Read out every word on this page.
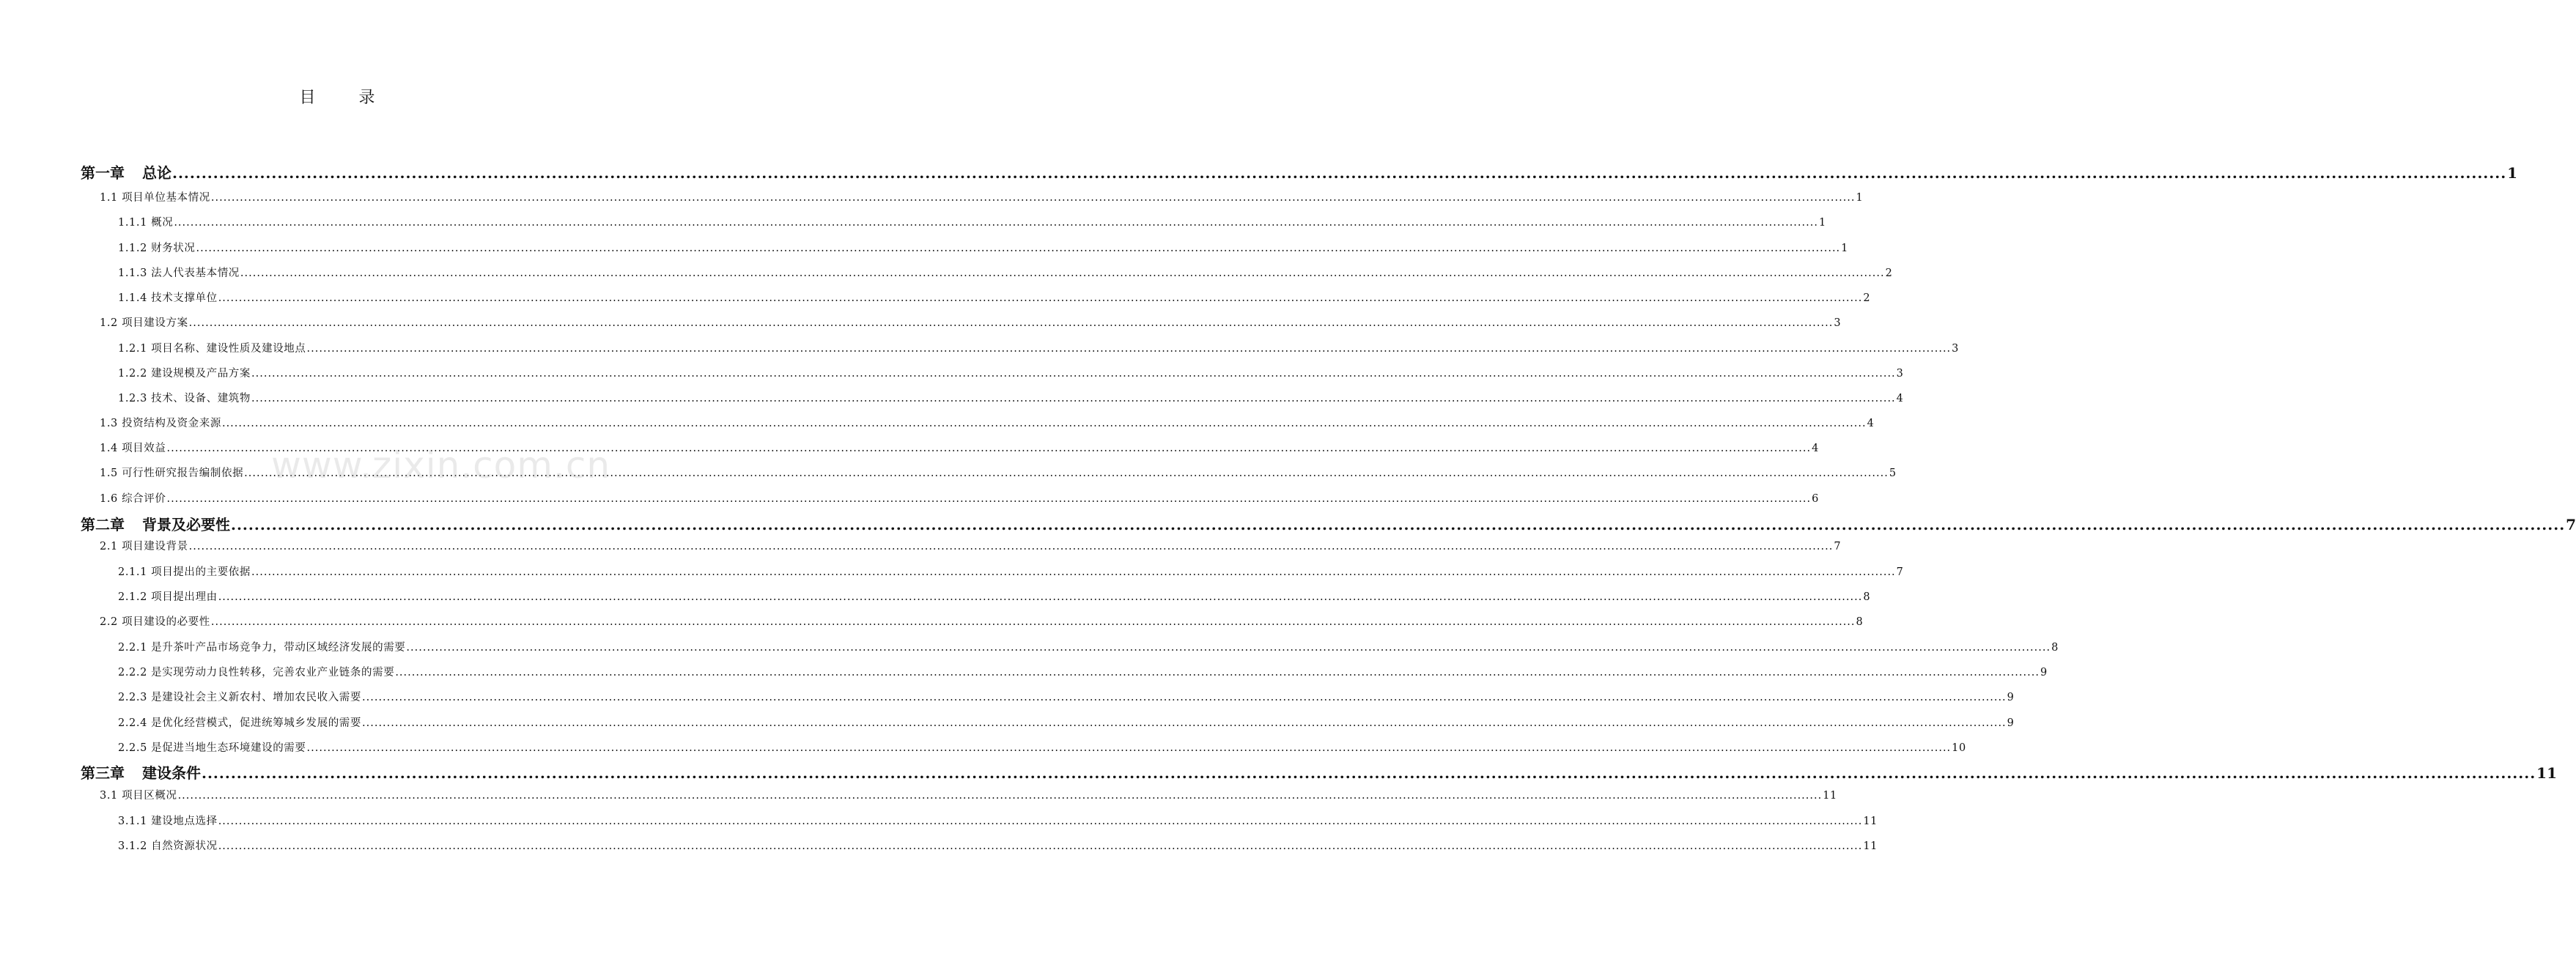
目 录
第一章 总论 ................................................................................................................................................................................................................................................................................................................................................................................................................ 1
1.1 项目单位基本情况 ................................................................................................................................................................................................................................................................................................................................................................................................................ 1
1.1.1 概况 ................................................................................................................................................................................................................................................................................................................................................................................................................ 1
1.1.2 财务状况 ................................................................................................................................................................................................................................................................................................................................................................................................................ 1
1.1.3 法人代表基本情况 ................................................................................................................................................................................................................................................................................................................................................................................................................ 2
1.1.4 技术支撑单位 ................................................................................................................................................................................................................................................................................................................................................................................................................ 2
1.2 项目建设方案 ................................................................................................................................................................................................................................................................................................................................................................................................................ 3
1.2.1 项目名称、建设性质及建设地点 ................................................................................................................................................................................................................................................................................................................................................................................................................ 3
1.2.2 建设规模及产品方案 ................................................................................................................................................................................................................................................................................................................................................................................................................ 3
1.2.3 技术、设备、建筑物 ................................................................................................................................................................................................................................................................................................................................................................................................................ 4
1.3 投资结构及资金来源 ................................................................................................................................................................................................................................................................................................................................................................................................................ 4
1.4 项目效益 ................................................................................................................................................................................................................................................................................................................................................................................................................ 4
1.5 可行性研究报告编制依据 ................................................................................................................................................................................................................................................................................................................................................................................................................ 5
1.6 综合评价 ................................................................................................................................................................................................................................................................................................................................................................................................................ 6
第二章 背景及必要性 ................................................................................................................................................................................................................................................................................................................................................................................................................ 7
2.1 项目建设背景 ................................................................................................................................................................................................................................................................................................................................................................................................................ 7
2.1.1 项目提出的主要依据 ................................................................................................................................................................................................................................................................................................................................................................................................................ 7
2.1.2 项目提出理由 ................................................................................................................................................................................................................................................................................................................................................................................................................ 8
2.2 项目建设的必要性 ................................................................................................................................................................................................................................................................................................................................................................................................................ 8
2.2.1 是升茶叶产品市场竞争力，带动区域经济发展的需要 ................................................................................................................................................................................................................................................................................................................................................................................................................ 8
2.2.2 是实现劳动力良性转移，完善农业产业链条的需要 ................................................................................................................................................................................................................................................................................................................................................................................................................ 9
2.2.3 是建设社会主义新农村、增加农民收入需要 ................................................................................................................................................................................................................................................................................................................................................................................................................ 9
2.2.4 是优化经营模式，促进统筹城乡发展的需要 ................................................................................................................................................................................................................................................................................................................................................................................................................ 9
2.2.5 是促进当地生态环境建设的需要 ................................................................................................................................................................................................................................................................................................................................................................................................................ 10
第三章 建设条件 ................................................................................................................................................................................................................................................................................................................................................................................................................ 11
3.1 项目区概况 ................................................................................................................................................................................................................................................................................................................................................................................................................ 11
3.1.1 建设地点选择 ................................................................................................................................................................................................................................................................................................................................................................................................................ 11
3.1.2 自然资源状况 ................................................................................................................................................................................................................................................................................................................................................................................................................ 11
www.zixin.com.cn
